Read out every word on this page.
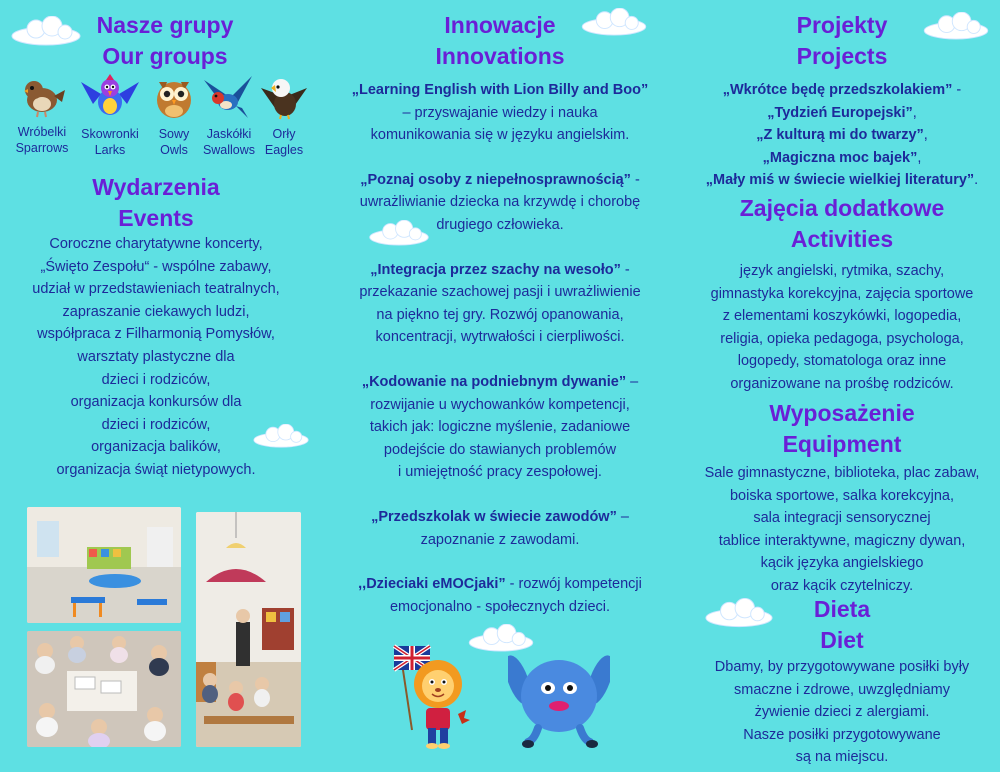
Nasze grupy
Our groups
Wróbelki
Sparrows
Skowronki
Larks
Sowy
Owls
Jaskółki
Swallows
Orły
Eagles
Wydarzenia
Events
Coroczne charytatywne koncerty,
„Święto Zespołu“ - wspólne zabawy,
udział w przedstawieniach teatralnych,
zapraszanie ciekawych ludzi,
współpraca z Filharmonią Pomysłów,
warsztaty plastyczne dla
dzieci i rodziców,
organizacja konkursów dla
dzieci i rodziców,
organizacja balików,
organizacja świąt nietypowych.
Innowacje
Innovations
„Learning English with Lion Billy and Boo”
– przyswajanie wiedzy i nauka
komunikowania się w języku angielskim.
„Poznaj osoby z niepełnosprawnością” -
uwrażliwianie dziecka na krzywdę i chorobę
drugiego człowieka.
„Integracja przez szachy na wesoło” -
przekazanie szachowej pasji i uwrażliwienie
na piękno tej gry. Rozwój opanowania,
koncentracji, wytrwałości i cierpliwości.
„Kodowanie na podniebnym dywanie” –
rozwijanie u wychowanków kompetencji,
takich jak: logiczne myślenie, zadaniowe
podejście do stawianych problemów
i umiejętność pracy zespołowej.
„Przedszkolak w świecie zawodów” –
zapoznanie z zawodami.
,,Dzieciaki eMOCjaki” - rozwój kompetencji
emocjonalno - społecznych dzieci.
Projekty
Projects
„Wkrótce będę przedszkolakiem” -
„Tydzień Europejski”,
„Z kulturą mi do twarzy”,
„Magiczna moc bajek”,
„Mały miś w świecie wielkiej literatury”.
Zajęcia dodatkowe
Activities
język angielski, rytmika, szachy,
gimnastyka korekcyjna, zajęcia sportowe
z elementami koszykówki, logopedia,
religia, opieka pedagoga, psychologa,
logopedy, stomatologa oraz inne
organizowane na prośbę rodziców.
Wyposażenie
Equipment
Sale gimnastyczne, biblioteka, plac zabaw,
boiska sportowe, salka korekcyjna,
sala integracji sensorycznej
tablice interaktywne, magiczny dywan,
kącik języka angielskiego
oraz kącik czytelniczy.
Dieta
Diet
Dbamy, by przygotowywane posiłki były
smaczne i zdrowe, uwzględniamy
żywienie dzieci z alergiami.
Nasze posiłki przygotowywane
są na miejscu.
